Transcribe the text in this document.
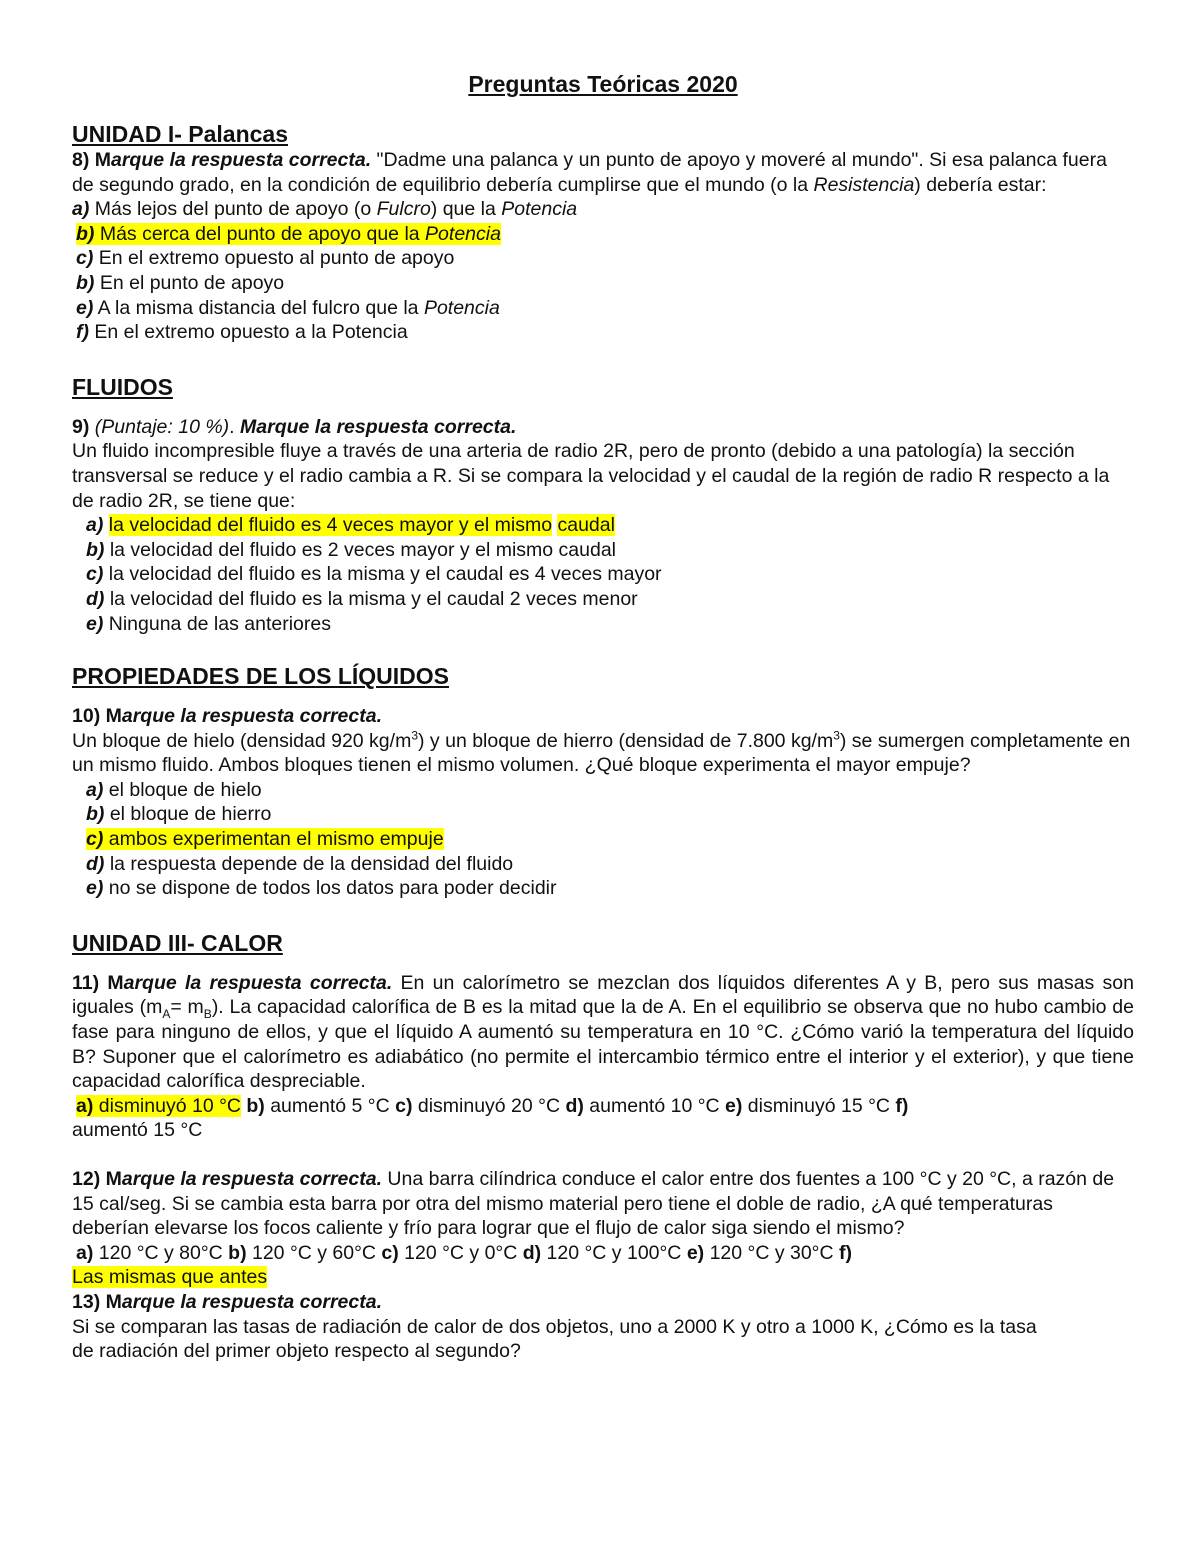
Preguntas Teóricas 2020
UNIDAD I- Palancas

8) Marque la respuesta correcta. "Dadme una palanca y un punto de apoyo y moveré al mundo". Si esa palanca fuera de segundo grado, en la condición de equilibrio debería cumplirse que el mundo (o la Resistencia) debería estar:

a) Más lejos del punto de apoyo (o Fulcro) que la Potencia

b) Más cerca del punto de apoyo que la Potencia

c) En el extremo opuesto al punto de apoyo

b) En el punto de apoyo

e) A la misma distancia del fulcro que la Potencia

f) En el extremo opuesto a la Potencia

FLUIDOS

9) (Puntaje: 10 %). Marque la respuesta correcta.

Un fluido incompresible fluye a través de una arteria de radio 2R, pero de pronto (debido a una patología) la sección transversal se reduce y el radio cambia a R. Si se compara la velocidad y el caudal de la región de radio R respecto a la de radio 2R, se tiene que:

a) la velocidad del fluido es 4 veces mayor y el mismo caudal

b) la velocidad del fluido es 2 veces mayor y el mismo caudal

c) la velocidad del fluido es la misma y el caudal es 4 veces mayor

d) la velocidad del fluido es la misma y el caudal 2 veces menor

e) Ninguna de las anteriores

PROPIEDADES DE LOS LÍQUIDOS

10) Marque la respuesta correcta.

Un bloque de hielo (densidad 920 $kg/m^3$) y un bloque de hierro (densidad de 7.800 $kg/m^3$) se sumergen completamente en un mismo fluido. Ambos bloques tienen el mismo volumen. ¿Qué bloque experimenta el mayor empuje?

a) el bloque de hielo

b) el bloque de hierro

c) ambos experimentan el mismo empuje

d) la respuesta depende de la densidad del fluido

e) no se dispone de todos los datos para poder decidir

UNIDAD III- CALOR

11) Marque la respuesta correcta. En un calorímetro se mezclan dos líquidos diferentes A y B, pero sus masas son iguales $(m_A= m_B)$. La capacidad calorífica de B es la mitad que la de A. En el equilibrio se observa que no hubo cambio de fase para ninguno de ellos, y que el líquido A aumentó su temperatura en 10 °C. ¿Cómo varió la temperatura del líquido B? Suponer que el calorímetro es adiabático (no permite el intercambio térmico entre el interior y el exterior), y que tiene capacidad calorífica despreciable.

a) disminuyó 10 °C b) aumentó 5 °C c) disminuyó 20 °C d) aumentó 10 °C e) disminuyó 15 °C f)

aumentó 15 °C

12) Marque la respuesta correcta. Una barra cilíndrica conduce el calor entre dos fuentes a 100 °C y 20 °C, a razón de 15 cal/seg. Si se cambia esta barra por otra del mismo material pero tiene el doble de radio, ¿A qué temperaturas deberían elevarse los focos caliente y frío para lograr que el flujo de calor siga siendo el mismo?

a) 120 °C y 80°C b) 120 °C y 60°C c) 120 °C y 0°C d) 120 °C y 100°C e) 120 °C y 30°C f)

Las mismas que antes

13) Marque la respuesta correcta.

Si se comparan las tasas de radiación de calor de dos objetos, uno a 2000 K y otro a 1000 K, ¿Cómo es la tasa de radiación del primer objeto respecto al segundo?
